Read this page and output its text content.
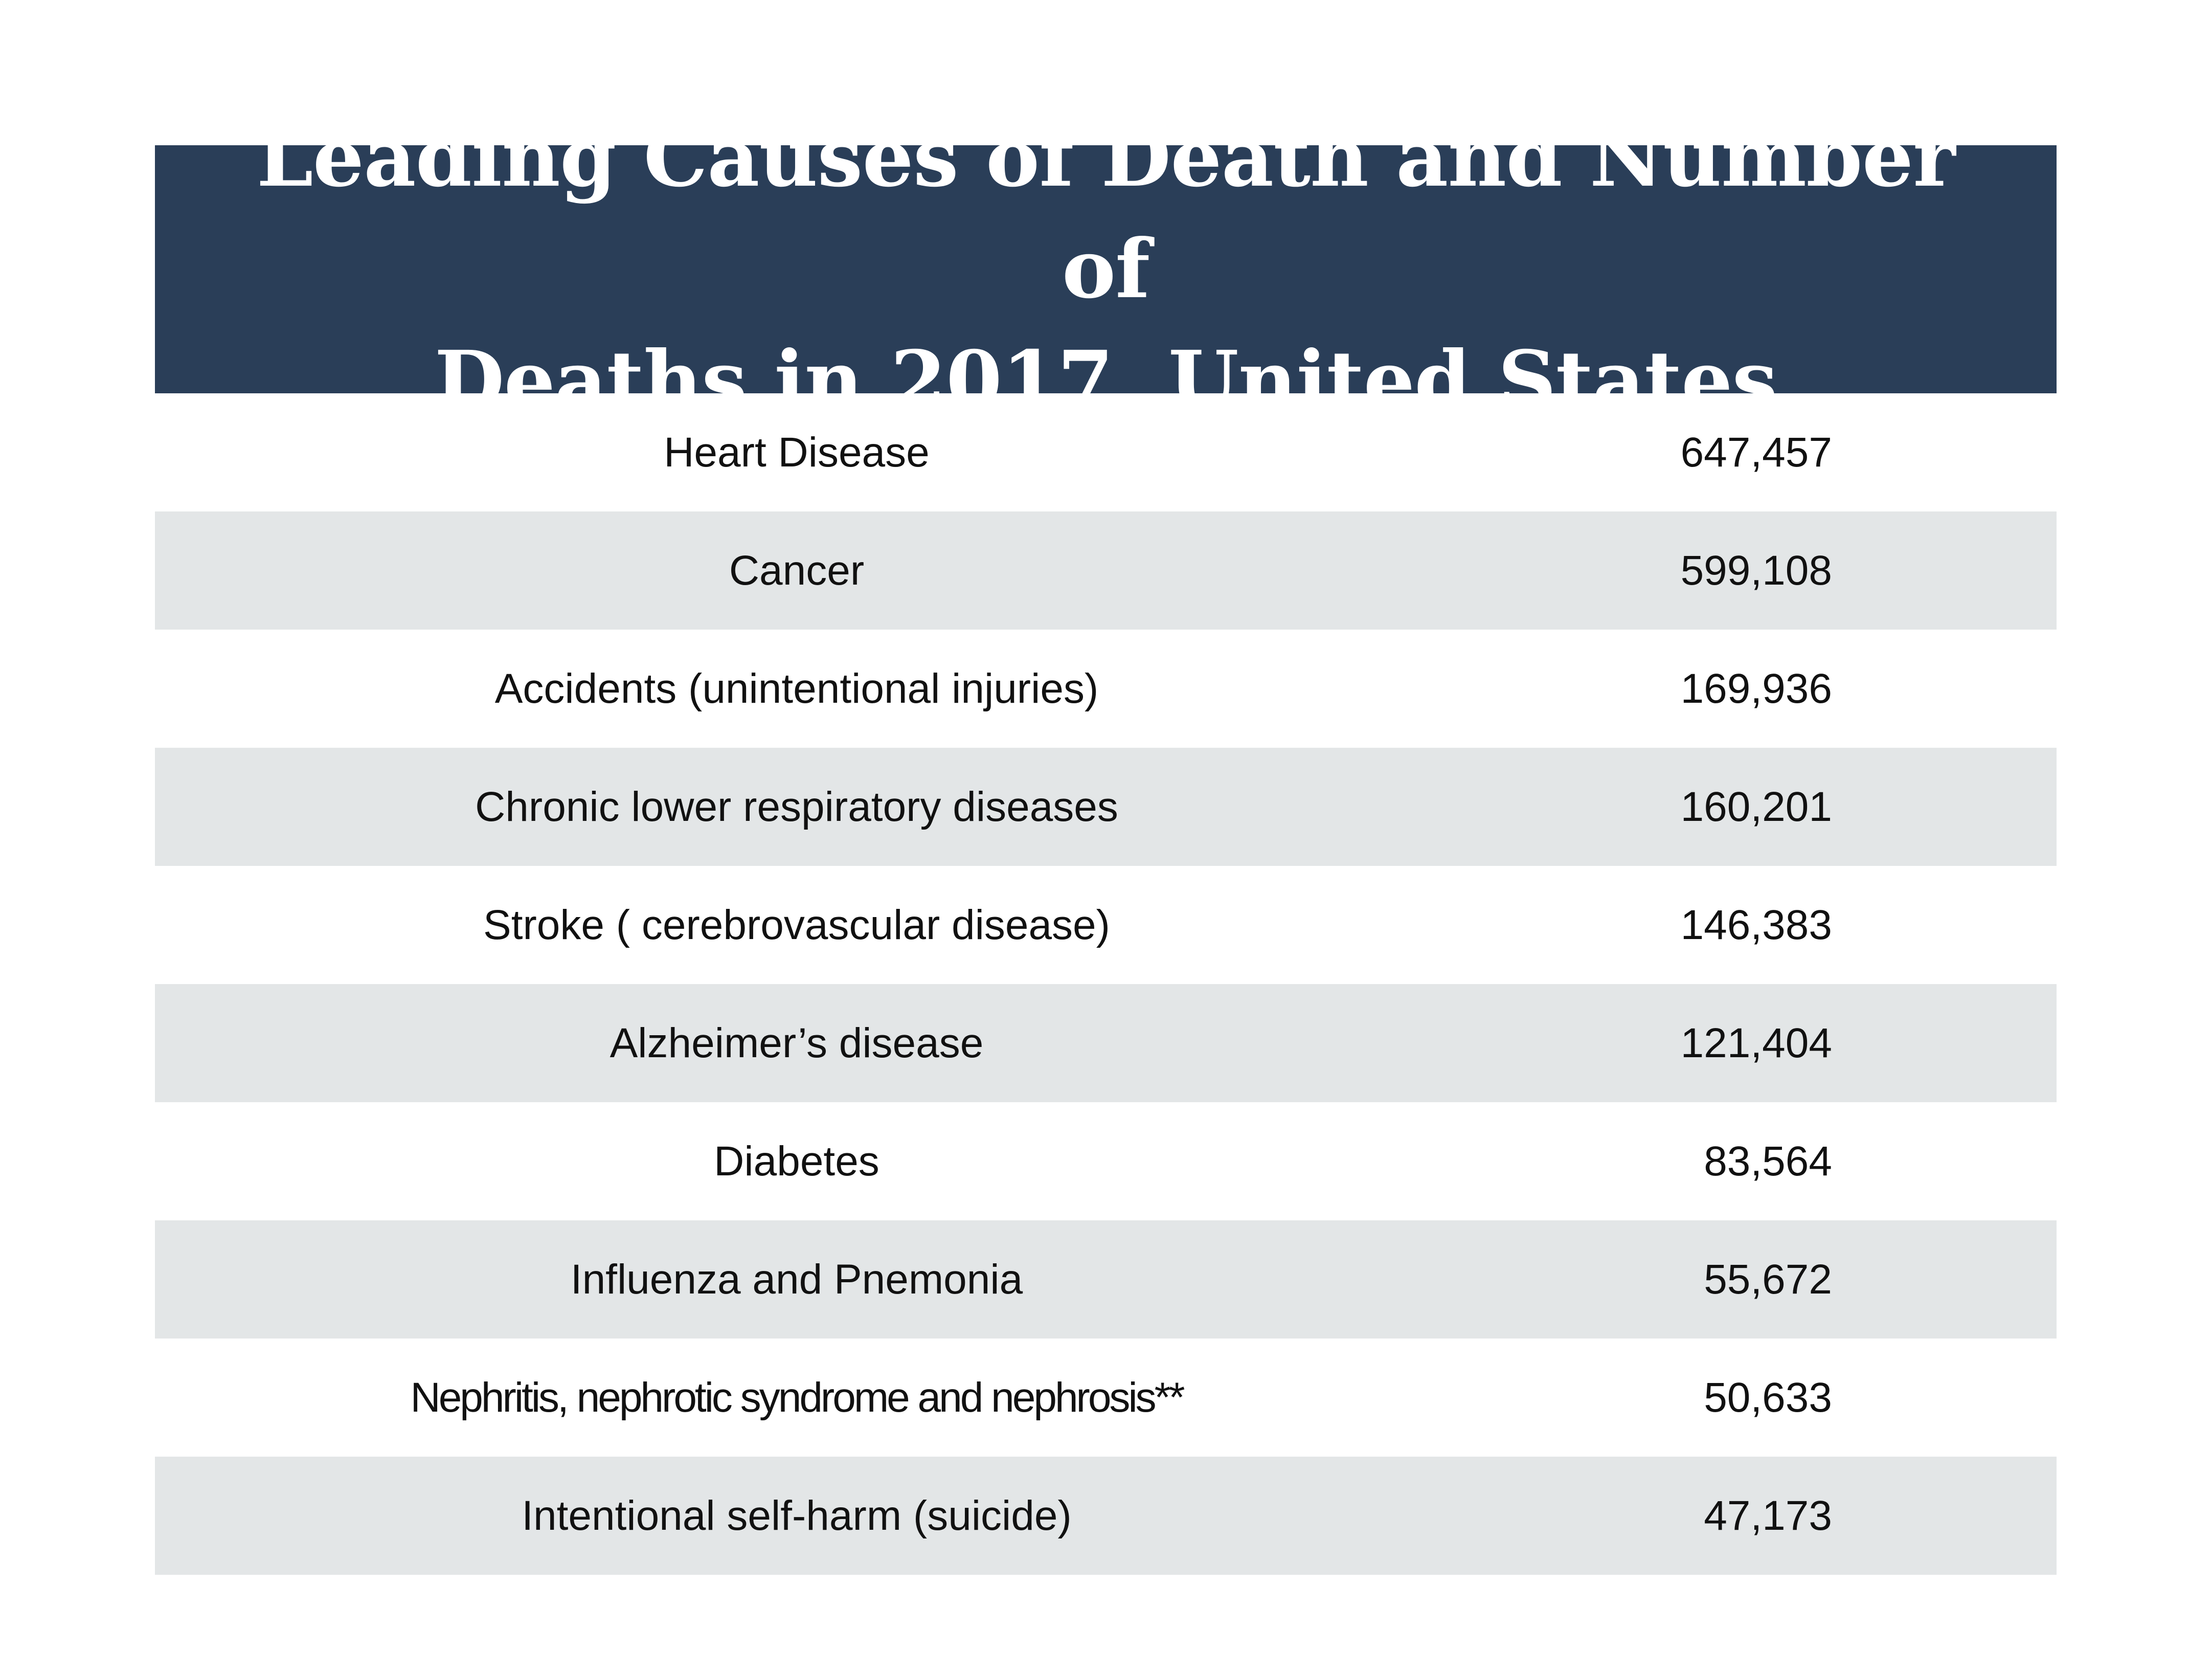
Leading Causes of Death and Number of
Deaths in 2017, United States
Heart Disease	647,457
Cancer	599,108
Accidents (unintentional injuries)	169,936
Chronic lower respiratory diseases	160,201
Stroke ( cerebrovascular disease)	146,383
Alzheimer’s disease	121,404
Diabetes	83,564
Influenza and Pnemonia	55,672
Nephritis, nephrotic syndrome and nephrosis**	50,633
Intentional self-harm (suicide)	47,173
